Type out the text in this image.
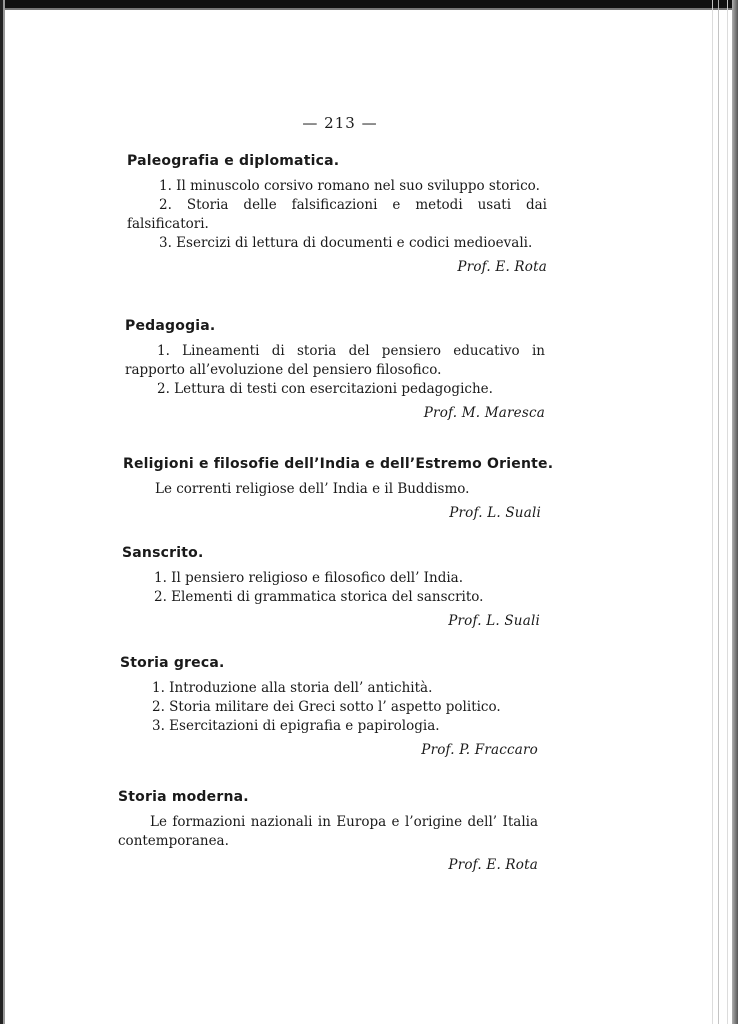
— 213 —
Paleografia e diplomatica.

1. Il minuscolo corsivo romano nel suo sviluppo storico.

2. Storia delle falsificazioni e metodi usati dai falsificatori.

3. Esercizi di lettura di documenti e codici medioevali.

Prof. E. Rota
Pedagogia.

1. Lineamenti di storia del pensiero educativo in rapporto all’evoluzione del pensiero filosofico.

2. Lettura di testi con esercitazioni pedagogiche.

Prof. M. Maresca
Religioni e filosofie dell’India e dell’Estremo Oriente.

Le correnti religiose dell’ India e il Buddismo.

Prof. L. Suali
Sanscrito.

1. Il pensiero religioso e filosofico dell’ India.

2. Elementi di grammatica storica del sanscrito.

Prof. L. Suali
Storia greca.

1. Introduzione alla storia dell’ antichità.

2. Storia militare dei Greci sotto l’ aspetto politico.

3. Esercitazioni di epigrafia e papirologia.

Prof. P. Fraccaro
Storia moderna.

Le formazioni nazionali in Europa e l’origine dell’ Italia contemporanea.

Prof. E. Rota
